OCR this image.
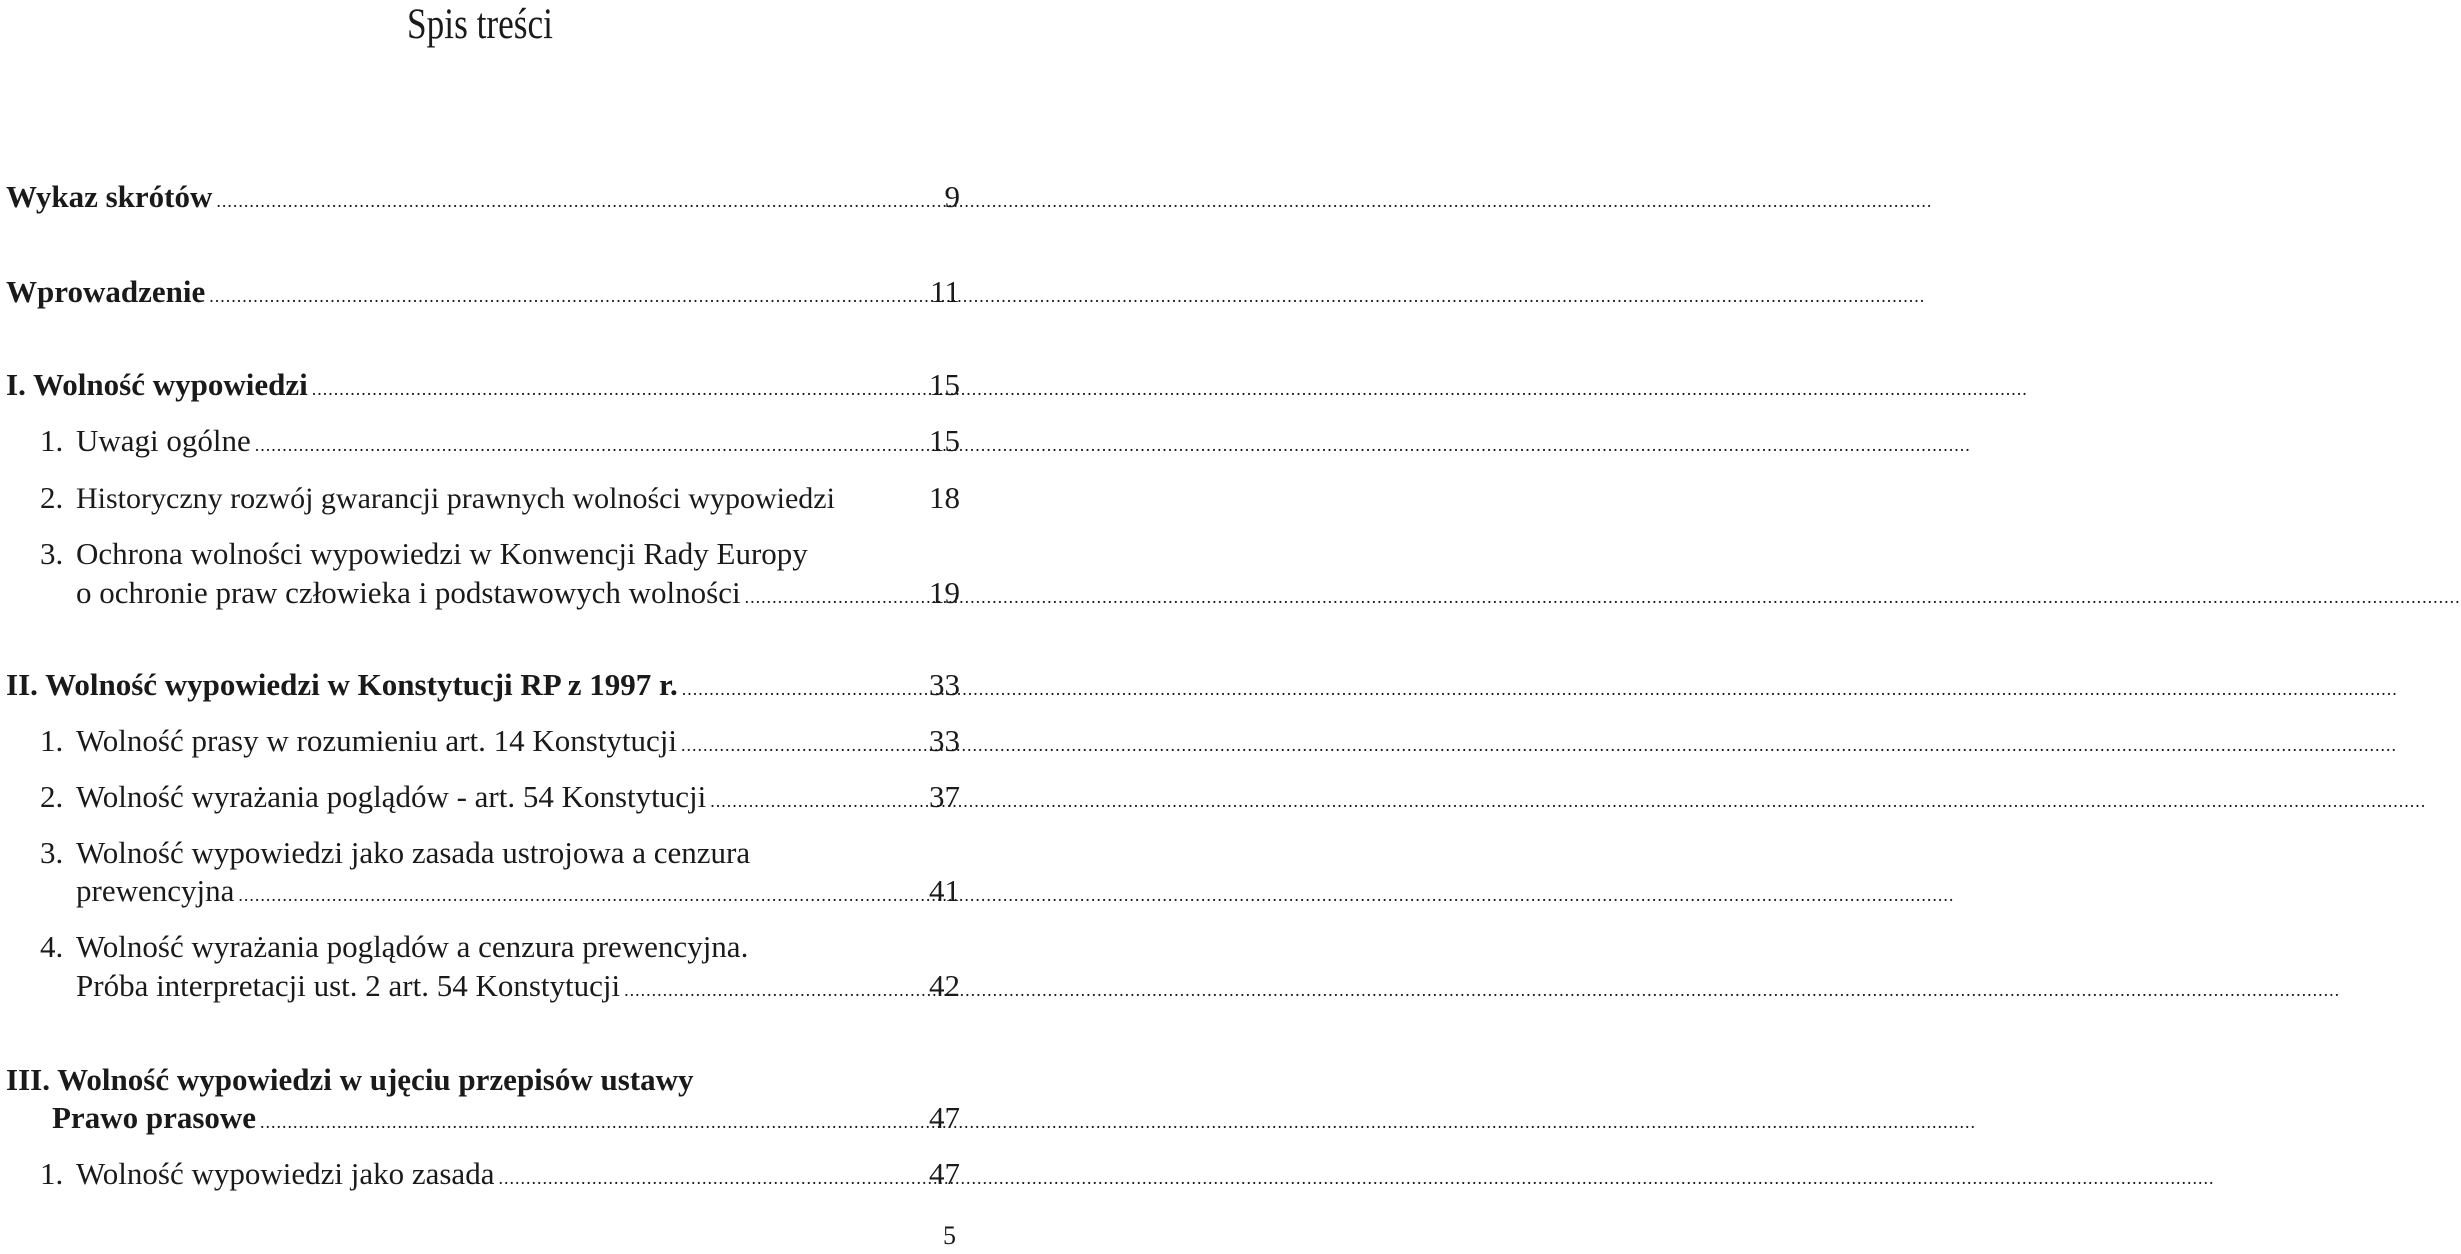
Spis treści
Wykaz skrótów .....	9
Wprowadzenie .....	11
I. Wolność wypowiedzi .....	15
1. Uwagi ogólne .....	15
2. Historyczny rozwój gwarancji prawnych wolności wypowiedzi	18
3. Ochrona wolności wypowiedzi w Konwencji Rady Europy
o ochronie praw człowieka i podstawowych wolności .....	19
II. Wolność wypowiedzi w Konstytucji RP z 1997 r. .....	33
1. Wolność prasy w rozumieniu art. 14 Konstytucji .....	33
2. Wolność wyrażania poglądów - art. 54 Konstytucji .....	37
3. Wolność wypowiedzi jako zasada ustrojowa a cenzura
prewencyjna .....	41
4. Wolność wyrażania poglądów a cenzura prewencyjna.
Próba interpretacji ust. 2 art. 54 Konstytucji .....	42
III. Wolność wypowiedzi w ujęciu przepisów ustawy
Prawo prasowe .....	47
1. Wolność wypowiedzi jako zasada .....	47
5
